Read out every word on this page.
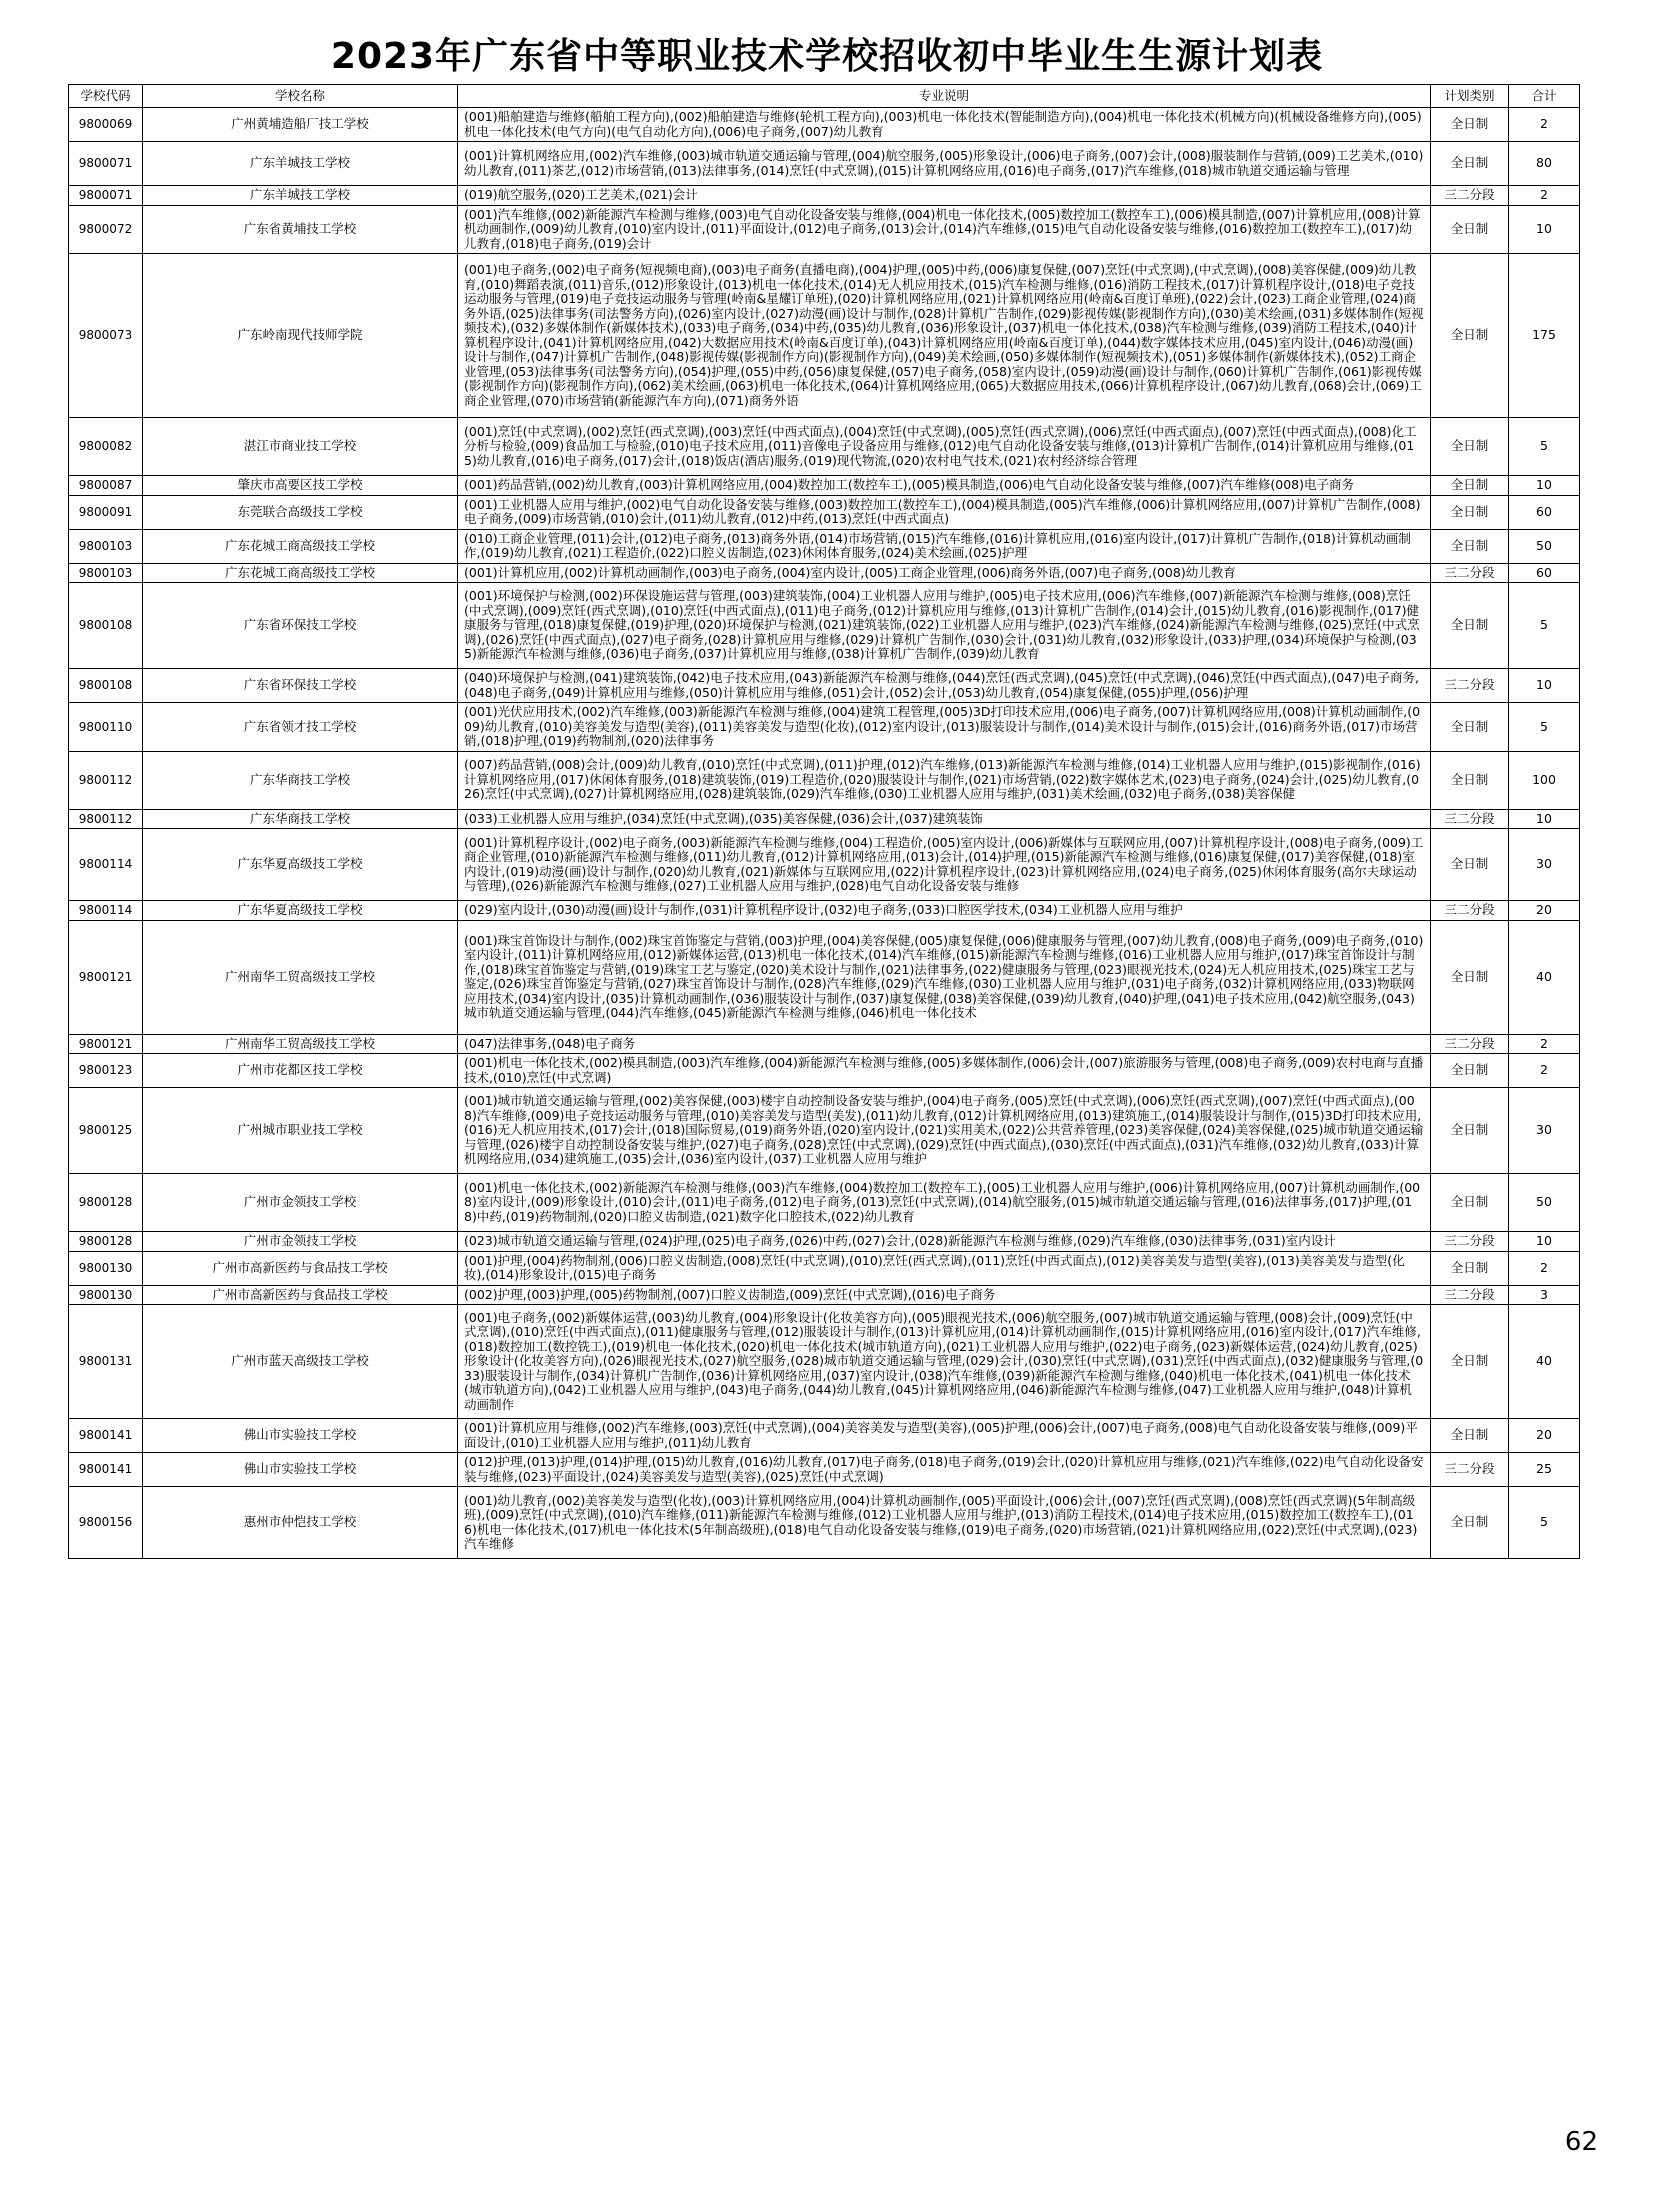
2023年广东省中等职业技术学校招收初中毕业生生源计划表
学校代码	学校名称	专业说明	计划类别	合计
9800069	广州黄埔造船厂技工学校	(001)船舶建造与维修(船舶工程方向),(002)船舶建造与维修(轮机工程方向),(003)机电一体化技术(智能制造方向),(004)机电一体化技术(机械方向)(机械设备维修方向),(005)机电一体化技术(电气方向)(电气自动化方向),(006)电子商务,(007)幼儿教育	全日制	2
9800071	广东羊城技工学校	(001)计算机网络应用,(002)汽车维修,(003)城市轨道交通运输与管理,(004)航空服务,(005)形象设计,(006)电子商务,(007)会计,(008)服装制作与营销,(009)工艺美术,(010)幼儿教育,(011)茶艺,(012)市场营销,(013)法律事务,(014)烹饪(中式烹调),(015)计算机网络应用,(016)电子商务,(017)汽车维修,(018)城市轨道交通运输与管理	全日制	80
9800071	广东羊城技工学校	(019)航空服务,(020)工艺美术,(021)会计	三二分段	2
9800072	广东省黄埔技工学校	(001)汽车维修,(002)新能源汽车检测与维修,(003)电气自动化设备安装与维修,(004)机电一体化技术,(005)数控加工(数控车工),(006)模具制造,(007)计算机应用,(008)计算机动画制作,(009)幼儿教育,(010)室内设计,(011)平面设计,(012)电子商务,(013)会计,(014)汽车维修,(015)电气自动化设备安装与维修,(016)数控加工(数控车工),(017)幼儿教育,(018)电子商务,(019)会计	全日制	10
9800073	广东岭南现代技师学院	(001)电子商务,(002)电子商务(短视频电商),(003)电子商务(直播电商),(004)护理,(005)中药,(006)康复保健,(007)烹饪(中式烹调),(中式烹调),(008)美容保健,(009)幼儿教育,(010)舞蹈表演,(011)音乐,(012)形象设计,(013)机电一体化技术,(014)无人机应用技术,(015)汽车检测与维修,(016)消防工程技术,(017)计算机程序设计,(018)电子竞技运动服务与管理,(019)电子竞技运动服务与管理(岭南&星耀订单班),(020)计算机网络应用,(021)计算机网络应用(岭南&百度订单班),(022)会计,(023)工商企业管理,(024)商务外语,(025)法律事务(司法警务方向),(026)室内设计,(027)动漫(画)设计与制作,(028)计算机广告制作,(029)影视传媒(影视制作方向),(030)美术绘画,(031)多媒体制作(短视频技术),(032)多媒体制作(新媒体技术),(033)电子商务,(034)中药,(035)幼儿教育,(036)形象设计,(037)机电一体化技术,(038)汽车检测与维修,(039)消防工程技术,(040)计算机程序设计,(041)计算机网络应用,(042)大数据应用技术(岭南&百度订单),(043)计算机网络应用(岭南&百度订单),(044)数字媒体技术应用,(045)室内设计,(046)动漫(画)设计与制作,(047)计算机广告制作,(048)影视传媒(影视制作方向)(影视制作方向),(049)美术绘画,(050)多媒体制作(短视频技术),(051)多媒体制作(新媒体技术),(052)工商企业管理,(053)法律事务(司法警务方向),(054)护理,(055)中药,(056)康复保健,(057)电子商务,(058)室内设计,(059)动漫(画)设计与制作,(060)计算机广告制作,(061)影视传媒(影视制作方向)(影视制作方向),(062)美术绘画,(063)机电一体化技术,(064)计算机网络应用,(065)大数据应用技术,(066)计算机程序设计,(067)幼儿教育,(068)会计,(069)工商企业管理,(070)市场营销(新能源汽车方向),(071)商务外语	全日制	175
9800082	湛江市商业技工学校	(001)烹饪(中式烹调),(002)烹饪(西式烹调),(003)烹饪(中西式面点),(004)烹饪(中式烹调),(005)烹饪(西式烹调),(006)烹饪(中西式面点),(007)烹饪(中西式面点),(008)化工分析与检验,(009)食品加工与检验,(010)电子技术应用,(011)音像电子设备应用与维修,(012)电气自动化设备安装与维修,(013)计算机广告制作,(014)计算机应用与维修,(015)幼儿教育,(016)电子商务,(017)会计,(018)饭店(酒店)服务,(019)现代物流,(020)农村电气技术,(021)农村经济综合管理	全日制	5
9800087	肇庆市高要区技工学校	(001)药品营销,(002)幼儿教育,(003)计算机网络应用,(004)数控加工(数控车工),(005)模具制造,(006)电气自动化设备安装与维修,(007)汽车维修(008)电子商务	全日制	10
9800091	东莞联合高级技工学校	(001)工业机器人应用与维护,(002)电气自动化设备安装与维修,(003)数控加工(数控车工),(004)模具制造,(005)汽车维修,(006)计算机网络应用,(007)计算机广告制作,(008)电子商务,(009)市场营销,(010)会计,(011)幼儿教育,(012)中药,(013)烹饪(中西式面点)	全日制	60
9800103	广东花城工商高级技工学校	(010)工商企业管理,(011)会计,(012)电子商务,(013)商务外语,(014)市场营销,(015)汽车维修,(016)计算机应用,(016)室内设计,(017)计算机广告制作,(018)计算机动画制作,(019)幼儿教育,(021)工程造价,(022)口腔义齿制造,(023)休闲体育服务,(024)美术绘画,(025)护理	全日制	50
9800103	广东花城工商高级技工学校	(001)计算机应用,(002)计算机动画制作,(003)电子商务,(004)室内设计,(005)工商企业管理,(006)商务外语,(007)电子商务,(008)幼儿教育	三二分段	60
9800108	广东省环保技工学校	(001)环境保护与检测,(002)环保设施运营与管理,(003)建筑装饰,(004)工业机器人应用与维护,(005)电子技术应用,(006)汽车维修,(007)新能源汽车检测与维修,(008)烹饪(中式烹调),(009)烹饪(西式烹调),(010)烹饪(中西式面点),(011)电子商务,(012)计算机应用与维修,(013)计算机广告制作,(014)会计,(015)幼儿教育,(016)影视制作,(017)健康服务与管理,(018)康复保健,(019)护理,(020)环境保护与检测,(021)建筑装饰,(022)工业机器人应用与维护,(023)汽车维修,(024)新能源汽车检测与维修,(025)烹饪(中式烹调),(026)烹饪(中西式面点),(027)电子商务,(028)计算机应用与维修,(029)计算机广告制作,(030)会计,(031)幼儿教育,(032)形象设计,(033)护理,(034)环境保护与检测,(035)新能源汽车检测与维修,(036)电子商务,(037)计算机应用与维修,(038)计算机广告制作,(039)幼儿教育	全日制	5
9800108	广东省环保技工学校	(040)环境保护与检测,(041)建筑装饰,(042)电子技术应用,(043)新能源汽车检测与维修,(044)烹饪(西式烹调),(045)烹饪(中式烹调),(046)烹饪(中西式面点),(047)电子商务,(048)电子商务,(049)计算机应用与维修,(050)计算机应用与维修,(051)会计,(052)会计,(053)幼儿教育,(054)康复保健,(055)护理,(056)护理	三二分段	10
9800110	广东省领才技工学校	(001)光伏应用技术,(002)汽车维修,(003)新能源汽车检测与维修,(004)建筑工程管理,(005)3D打印技术应用,(006)电子商务,(007)计算机网络应用,(008)计算机动画制作,(009)幼儿教育,(010)美容美发与造型(美容),(011)美容美发与造型(化妆),(012)室内设计,(013)服装设计与制作,(014)美术设计与制作,(015)会计,(016)商务外语,(017)市场营销,(018)护理,(019)药物制剂,(020)法律事务	全日制	5
9800112	广东华商技工学校	(007)药品营销,(008)会计,(009)幼儿教育,(010)烹饪(中式烹调),(011)护理,(012)汽车维修,(013)新能源汽车检测与维修,(014)工业机器人应用与维护,(015)影视制作,(016)计算机网络应用,(017)休闲体育服务,(018)建筑装饰,(019)工程造价,(020)服装设计与制作,(021)市场营销,(022)数字媒体艺术,(023)电子商务,(024)会计,(025)幼儿教育,(026)烹饪(中式烹调),(027)计算机网络应用,(028)建筑装饰,(029)汽车维修,(030)工业机器人应用与维护,(031)美术绘画,(032)电子商务,(038)美容保健	全日制	100
9800112	广东华商技工学校	(033)工业机器人应用与维护,(034)烹饪(中式烹调),(035)美容保健,(036)会计,(037)建筑装饰	三二分段	10
9800114	广东华夏高级技工学校	(001)计算机程序设计,(002)电子商务,(003)新能源汽车检测与维修,(004)工程造价,(005)室内设计,(006)新媒体与互联网应用,(007)计算机程序设计,(008)电子商务,(009)工商企业管理,(010)新能源汽车检测与维修,(011)幼儿教育,(012)计算机网络应用,(013)会计,(014)护理,(015)新能源汽车检测与维修,(016)康复保健,(017)美容保健,(018)室内设计,(019)动漫(画)设计与制作,(020)幼儿教育,(021)新媒体与互联网应用,(022)计算机程序设计,(023)计算机网络应用,(024)电子商务,(025)休闲体育服务(高尔夫球运动与管理),(026)新能源汽车检测与维修,(027)工业机器人应用与维护,(028)电气自动化设备安装与维修	全日制	30
9800114	广东华夏高级技工学校	(029)室内设计,(030)动漫(画)设计与制作,(031)计算机程序设计,(032)电子商务,(033)口腔医学技术,(034)工业机器人应用与维护	三二分段	20
9800121	广州南华工贸高级技工学校	(001)珠宝首饰设计与制作,(002)珠宝首饰鉴定与营销,(003)护理,(004)美容保健,(005)康复保健,(006)健康服务与管理,(007)幼儿教育,(008)电子商务,(009)电子商务,(010)室内设计,(011)计算机网络应用,(012)新媒体运营,(013)机电一体化技术,(014)汽车维修,(015)新能源汽车检测与维修,(016)工业机器人应用与维护,(017)珠宝首饰设计与制作,(018)珠宝首饰鉴定与营销,(019)珠宝工艺与鉴定,(020)美术设计与制作,(021)法律事务,(022)健康服务与管理,(023)眼视光技术,(024)无人机应用技术,(025)珠宝工艺与鉴定,(026)珠宝首饰鉴定与营销,(027)珠宝首饰设计与制作,(028)汽车维修,(029)汽车维修,(030)工业机器人应用与维护,(031)电子商务,(032)计算机网络应用,(033)物联网应用技术,(034)室内设计,(035)计算机动画制作,(036)服装设计与制作,(037)康复保健,(038)美容保健,(039)幼儿教育,(040)护理,(041)电子技术应用,(042)航空服务,(043)城市轨道交通运输与管理,(044)汽车维修,(045)新能源汽车检测与维修,(046)机电一体化技术	全日制	40
9800121	广州南华工贸高级技工学校	(047)法律事务,(048)电子商务	三二分段	2
9800123	广州市花都区技工学校	(001)机电一体化技术,(002)模具制造,(003)汽车维修,(004)新能源汽车检测与维修,(005)多媒体制作,(006)会计,(007)旅游服务与管理,(008)电子商务,(009)农村电商与直播技术,(010)烹饪(中式烹调)	全日制	2
9800125	广州城市职业技工学校	(001)城市轨道交通运输与管理,(002)美容保健,(003)楼宇自动控制设备安装与维护,(004)电子商务,(005)烹饪(中式烹调),(006)烹饪(西式烹调),(007)烹饪(中西式面点),(008)汽车维修,(009)电子竞技运动服务与管理,(010)美容美发与造型(美发),(011)幼儿教育,(012)计算机网络应用,(013)建筑施工,(014)服装设计与制作,(015)3D打印技术应用,(016)无人机应用技术,(017)会计,(018)国际贸易,(019)商务外语,(020)室内设计,(021)实用美术,(022)公共营养管理,(023)美容保健,(024)美容保健,(025)城市轨道交通运输与管理,(026)楼宇自动控制设备安装与维护,(027)电子商务,(028)烹饪(中式烹调),(029)烹饪(中西式面点),(030)烹饪(中西式面点),(031)汽车维修,(032)幼儿教育,(033)计算机网络应用,(034)建筑施工,(035)会计,(036)室内设计,(037)工业机器人应用与维护	全日制	30
9800128	广州市金领技工学校	(001)机电一体化技术,(002)新能源汽车检测与维修,(003)汽车维修,(004)数控加工(数控车工),(005)工业机器人应用与维护,(006)计算机网络应用,(007)计算机动画制作,(008)室内设计,(009)形象设计,(010)会计,(011)电子商务,(012)电子商务,(013)烹饪(中式烹调),(014)航空服务,(015)城市轨道交通运输与管理,(016)法律事务,(017)护理,(018)中药,(019)药物制剂,(020)口腔义齿制造,(021)数字化口腔技术,(022)幼儿教育	全日制	50
9800128	广州市金领技工学校	(023)城市轨道交通运输与管理,(024)护理,(025)电子商务,(026)中药,(027)会计,(028)新能源汽车检测与维修,(029)汽车维修,(030)法律事务,(031)室内设计	三二分段	10
9800130	广州市高新医药与食品技工学校	(001)护理,(004)药物制剂,(006)口腔义齿制造,(008)烹饪(中式烹调),(010)烹饪(西式烹调),(011)烹饪(中西式面点),(012)美容美发与造型(美容),(013)美容美发与造型(化妆),(014)形象设计,(015)电子商务	全日制	2
9800130	广州市高新医药与食品技工学校	(002)护理,(003)护理,(005)药物制剂,(007)口腔义齿制造,(009)烹饪(中式烹调),(016)电子商务	三二分段	3
9800131	广州市蓝天高级技工学校	(001)电子商务,(002)新媒体运营,(003)幼儿教育,(004)形象设计(化妆美容方向),(005)眼视光技术,(006)航空服务,(007)城市轨道交通运输与管理,(008)会计,(009)烹饪(中式烹调),(010)烹饪(中西式面点),(011)健康服务与管理,(012)服装设计与制作,(013)计算机应用,(014)计算机动画制作,(015)计算机网络应用,(016)室内设计,(017)汽车维修,(018)数控加工(数控铣工),(019)机电一体化技术,(020)机电一体化技术(城市轨道方向),(021)工业机器人应用与维护,(022)电子商务,(023)新媒体运营,(024)幼儿教育,(025)形象设计(化妆美容方向),(026)眼视光技术,(027)航空服务,(028)城市轨道交通运输与管理,(029)会计,(030)烹饪(中式烹调),(031)烹饪(中西式面点),(032)健康服务与管理,(033)服装设计与制作,(034)计算机广告制作,(036)计算机网络应用,(037)室内设计,(038)汽车维修,(039)新能源汽车检测与维修,(040)机电一体化技术,(041)机电一体化技术(城市轨道方向),(042)工业机器人应用与维护,(043)电子商务,(044)幼儿教育,(045)计算机网络应用,(046)新能源汽车检测与维修,(047)工业机器人应用与维护,(048)计算机动画制作	全日制	40
9800141	佛山市实验技工学校	(001)计算机应用与维修,(002)汽车维修,(003)烹饪(中式烹调),(004)美容美发与造型(美容),(005)护理,(006)会计,(007)电子商务,(008)电气自动化设备安装与维修,(009)平面设计,(010)工业机器人应用与维护,(011)幼儿教育	全日制	20
9800141	佛山市实验技工学校	(012)护理,(013)护理,(014)护理,(015)幼儿教育,(016)幼儿教育,(017)电子商务,(018)电子商务,(019)会计,(020)计算机应用与维修,(021)汽车维修,(022)电气自动化设备安装与维修,(023)平面设计,(024)美容美发与造型(美容),(025)烹饪(中式烹调)	三二分段	25
9800156	惠州市仲恺技工学校	(001)幼儿教育,(002)美容美发与造型(化妆),(003)计算机网络应用,(004)计算机动画制作,(005)平面设计,(006)会计,(007)烹饪(西式烹调),(008)烹饪(西式烹调)(5年制高级班),(009)烹饪(中式烹调),(010)汽车维修,(011)新能源汽车检测与维修,(012)工业机器人应用与维护,(013)消防工程技术,(014)电子技术应用,(015)数控加工(数控车工),(016)机电一体化技术,(017)机电一体化技术(5年制高级班),(018)电气自动化设备安装与维修,(019)电子商务,(020)市场营销,(021)计算机网络应用,(022)烹饪(中式烹调),(023)汽车维修	全日制	5
62
